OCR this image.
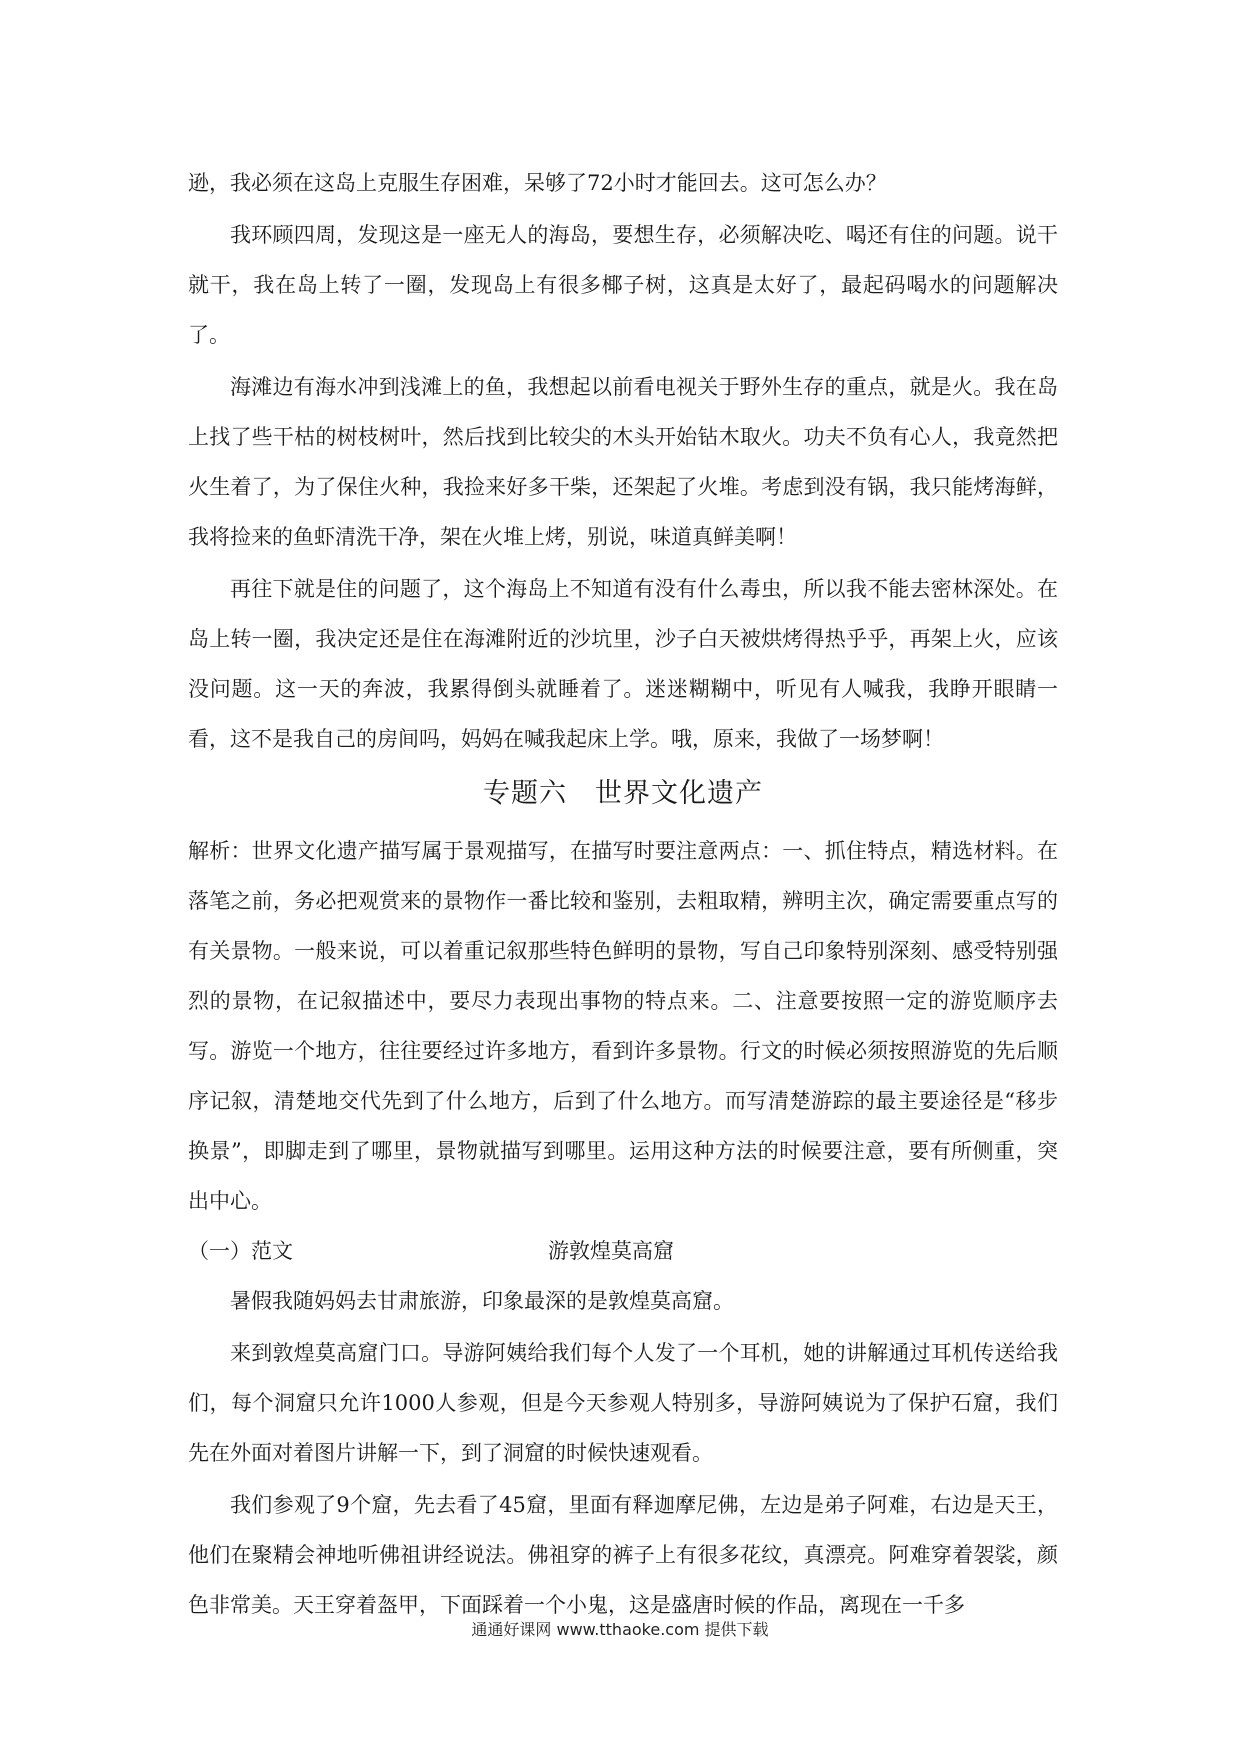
逊，我必须在这岛上克服生存困难，呆够了72小时才能回去。这可怎么办？

我环顾四周，发现这是一座无人的海岛，要想生存，必须解决吃、喝还有住的问题。说干就干，我在岛上转了一圈，发现岛上有很多椰子树，这真是太好了，最起码喝水的问题解决了。

海滩边有海水冲到浅滩上的鱼，我想起以前看电视关于野外生存的重点，就是火。我在岛上找了些干枯的树枝树叶，然后找到比较尖的木头开始钻木取火。功夫不负有心人，我竟然把火生着了，为了保住火种，我捡来好多干柴，还架起了火堆。考虑到没有锅，我只能烤海鲜，我将捡来的鱼虾清洗干净，架在火堆上烤，别说，味道真鲜美啊！

再往下就是住的问题了，这个海岛上不知道有没有什么毒虫，所以我不能去密林深处。在岛上转一圈，我决定还是住在海滩附近的沙坑里，沙子白天被烘烤得热乎乎，再架上火，应该没问题。这一天的奔波，我累得倒头就睡着了。迷迷糊糊中，听见有人喊我，我睁开眼睛一看，这不是我自己的房间吗，妈妈在喊我起床上学。哦，原来，我做了一场梦啊！

专题六　世界文化遗产

解析：世界文化遗产描写属于景观描写，在描写时要注意两点：一、抓住特点，精选材料。在落笔之前，务必把观赏来的景物作一番比较和鉴别，去粗取精，辨明主次，确定需要重点写的有关景物。一般来说，可以着重记叙那些特色鲜明的景物，写自己印象特别深刻、感受特别强烈的景物，在记叙描述中，要尽力表现出事物的特点来。二、注意要按照一定的游览顺序去写。游览一个地方，往往要经过许多地方，看到许多景物。行文的时候必须按照游览的先后顺序记叙，清楚地交代先到了什么地方，后到了什么地方。而写清楚游踪的最主要途径是“移步换景”，即脚走到了哪里，景物就描写到哪里。运用这种方法的时候要注意，要有所侧重，突出中心。

（一）范文	游敦煌莫高窟

暑假我随妈妈去甘肃旅游，印象最深的是敦煌莫高窟。

来到敦煌莫高窟门口。导游阿姨给我们每个人发了一个耳机，她的讲解通过耳机传送给我们，每个洞窟只允许1000人参观，但是今天参观人特别多，导游阿姨说为了保护石窟，我们先在外面对着图片讲解一下，到了洞窟的时候快速观看。

我们参观了9个窟，先去看了45窟，里面有释迦摩尼佛，左边是弟子阿难，右边是天王，他们在聚精会神地听佛祖讲经说法。佛祖穿的裤子上有很多花纹，真漂亮。阿难穿着袈裟，颜色非常美。天王穿着盔甲，下面踩着一个小鬼，这是盛唐时候的作品，离现在一千多

通通好课网 www.tthaoke.com 提供下载
